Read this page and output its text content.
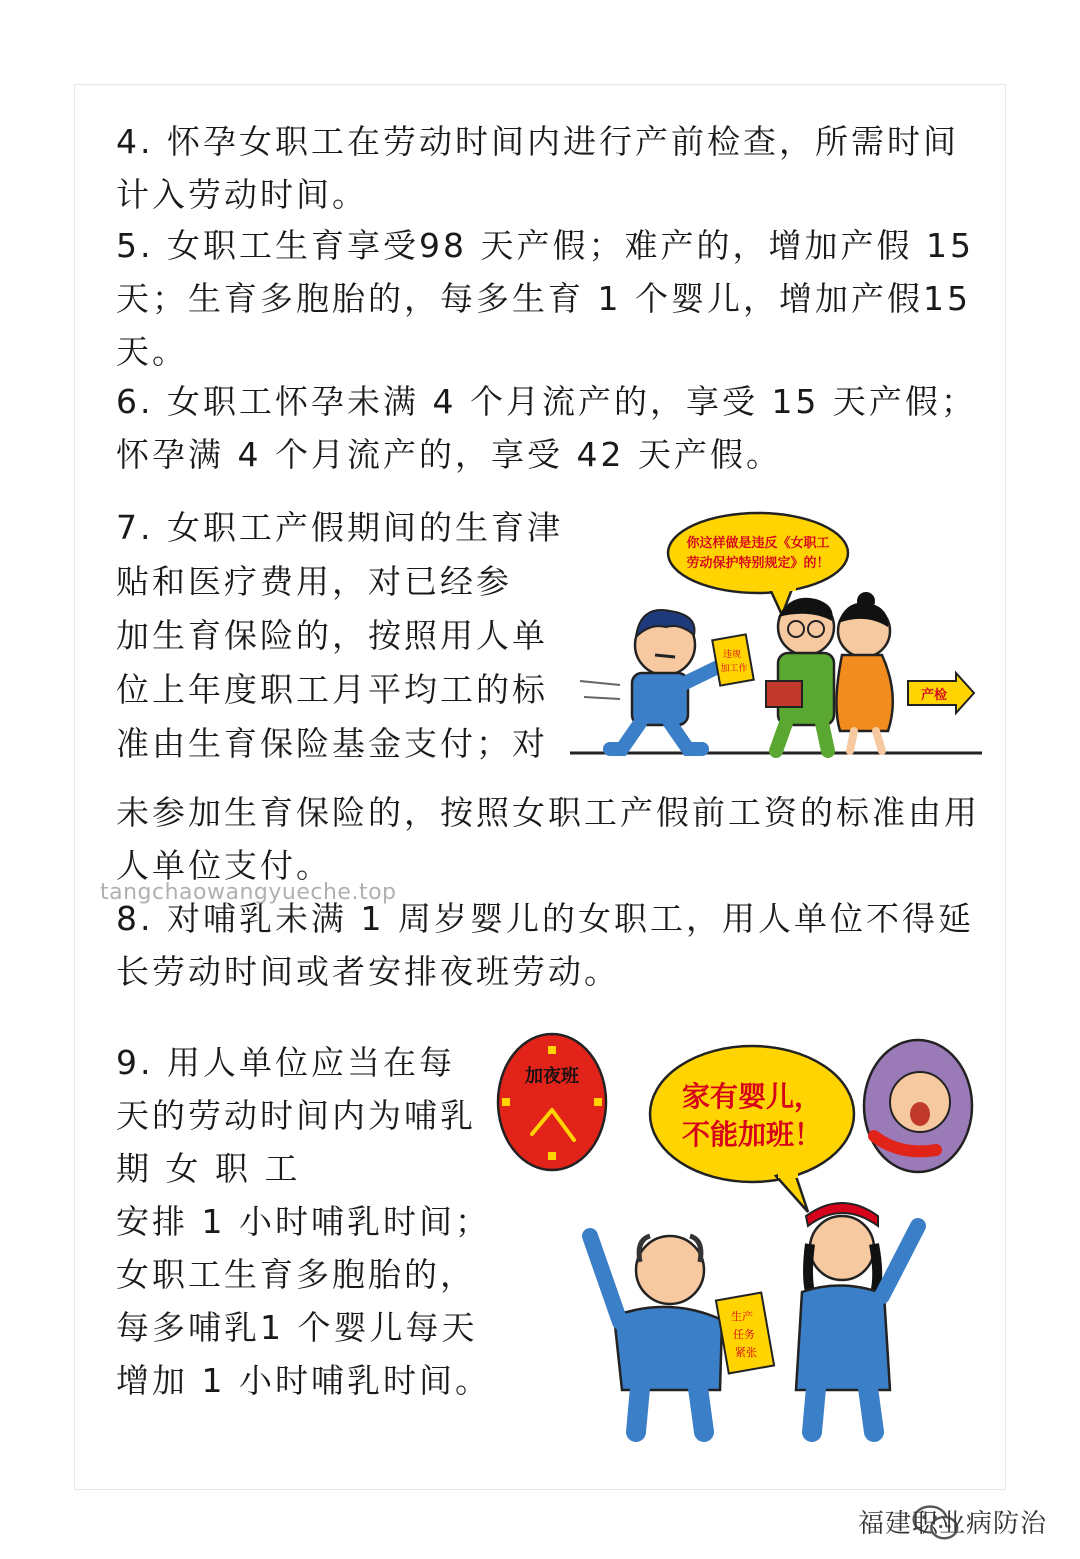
4. 怀孕女职工在劳动时间内进行产前检查，所需时间
计入劳动时间。
5. 女职工生育享受98 天产假；难产的，增加产假 15
天；生育多胞胎的，每多生育 1 个婴儿，增加产假15
天。
6. 女职工怀孕未满 4 个月流产的，享受 15 天产假；
怀孕满 4 个月流产的，享受 42 天产假。
7. 女职工产假期间的生育津
贴和医疗费用，对已经参
加生育保险的，按照用人单
位上年度职工月平均工的标
准由生育保险基金支付；对
未参加生育保险的，按照女职工产假前工资的标准由用
人单位支付。
8. 对哺乳未满 1 周岁婴儿的女职工，用人单位不得延
长劳动时间或者安排夜班劳动。
9. 用人单位应当在每
天的劳动时间内为哺乳
期 女 职 工
安排 1 小时哺乳时间；
女职工生育多胞胎的，
每多哺乳1 个婴儿每天
增加 1 小时哺乳时间。
你这样做是违反《女职工
劳动保护特别规定》的！
违规
加工作
产检
加夜班
家有婴儿，
不能加班！
生产
任务
紧张
tangchaowangyueche.top
福建职业病防治
